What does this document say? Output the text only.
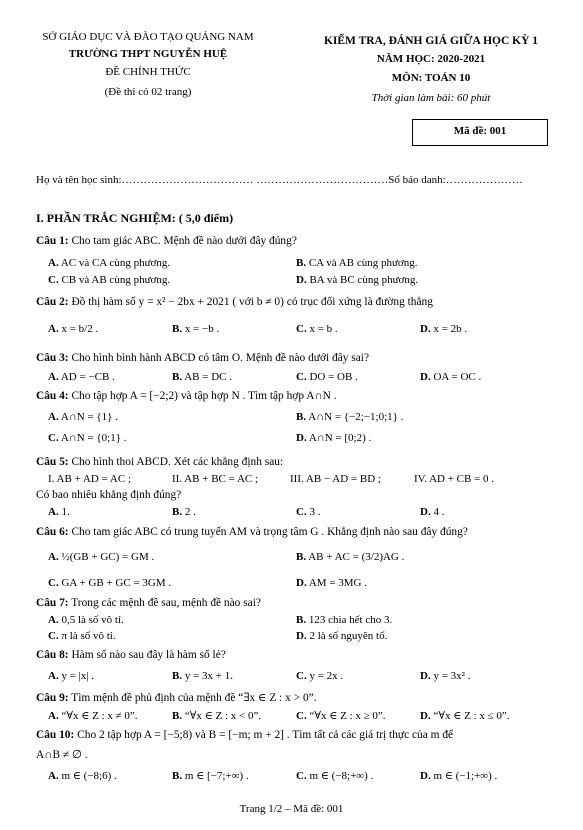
SỞ GIÁO DỤC VÀ ĐÀO TẠO QUẢNG NAM
TRƯỜNG THPT NGUYỄN HUỆ
ĐỀ CHÍNH THỨC
(Đề thi có 02 trang)
KIỂM TRA, ĐÁNH GIÁ GIỮA HỌC KỲ 1
NĂM HỌC: 2020-2021
MÔN: TOÁN 10
Thời gian làm bài: 60 phút
Mã đề: 001
Họ và tên học sinh:……………………………… ………………………………Số báo danh:…………………
I. PHẦN TRẮC NGHIỆM: ( 5,0 điểm)
Câu 1: Cho tam giác ABC. Mệnh đề nào dưới đây đúng?
A. AC và CA cùng phương.	B. CA và AB cùng phương.
C. CB và AB cùng phương.	D. BA và BC cùng phương.
Câu 2: Đồ thị hàm số y = x² − 2bx + 2021 ( với b ≠ 0) có trục đối xứng là đường thẳng
A. x = b/2 .	B. x = −b .	C. x = b .	D. x = 2b .
Câu 3: Cho hình bình hành ABCD có tâm O. Mệnh đề nào dưới đây sai?
A. AD = −CB .	B. AB = DC .	C. DO = OB .	D. OA = OC .
Câu 4: Cho tập hợp A = [−2;2) và tập hợp N . Tìm tập hợp A∩N .
A. A∩N = {1} .	B. A∩N = {−2;−1;0;1} .
C. A∩N = {0;1} .	D. A∩N = [0;2) .
Câu 5: Cho hình thoi ABCD. Xét các khẳng định sau:
I. AB + AD = AC ;	II. AB + BC = AC ;	III. AB − AD = BD ;	IV. AD + CB = 0 .
Có bao nhiêu khẳng định đúng?
A. 1.	B. 2 .	C. 3 .	D. 4 .
Câu 6: Cho tam giác ABC có trung tuyến AM và trọng tâm G . Khẳng định nào sau đây đúng?
A. ½(GB + GC) = GM .	B. AB + AC = (3/2)AG .
C. GA + GB + GC = 3GM .	D. AM = 3MG .
Câu 7: Trong các mệnh đề sau, mệnh đề nào sai?
A. 0,5 là số vô tỉ.	B. 123 chia hết cho 3.
C. π là số vô tỉ.	D. 2 là số nguyên tố.
Câu 8: Hàm số nào sau đây là hàm số lẻ?
A. y = |x| .	B. y = 3x + 1.	C. y = 2x .	D. y = 3x² .
Câu 9: Tìm mệnh đề phủ định của mệnh đề “∃x ∈ Z : x > 0”.
A. “∀x ∈ Z : x ≠ 0”.	B. “∀x ∈ Z : x < 0”.	C. “∀x ∈ Z : x ≥ 0”.	D. “∀x ∈ Z : x ≤ 0”.
Câu 10: Cho 2 tập hợp A = [−5;8) và B = [−m; m + 2] . Tìm tất cả các giá trị thực của m để
A∩B ≠ ∅ .
A. m ∈ (−8;6) .	B. m ∈ [−7;+∞) .	C. m ∈ (−8;+∞) .	D. m ∈ (−1;+∞) .
Trang 1/2 – Mã đề: 001
